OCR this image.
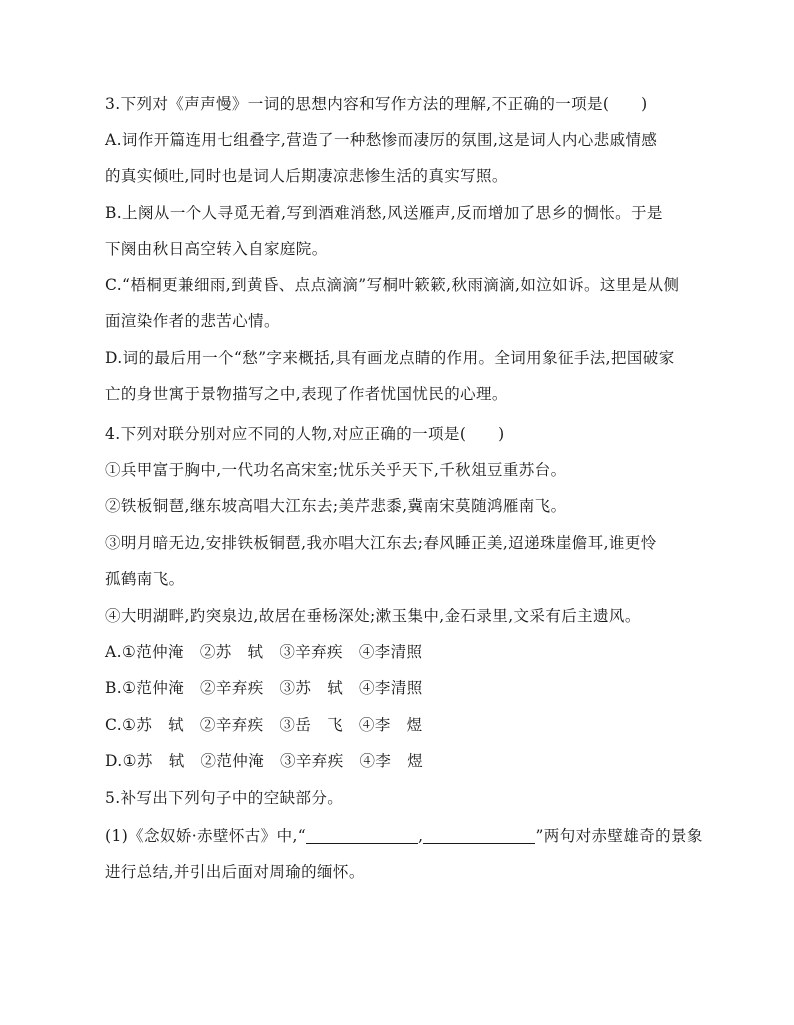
3.下列对《声声慢》一词的思想内容和写作方法的理解,不正确的一项是(　　)
A.词作开篇连用七组叠字,营造了一种愁惨而凄厉的氛围,这是词人内心悲戚情感
的真实倾吐,同时也是词人后期凄凉悲惨生活的真实写照。
B.上阕从一个人寻觅无着,写到酒难消愁,风送雁声,反而增加了思乡的惆怅。于是
下阕由秋日高空转入自家庭院。
C.“梧桐更兼细雨,到黄昏、点点滴滴”写桐叶簌簌,秋雨滴滴,如泣如诉。这里是从侧
面渲染作者的悲苦心情。
D.词的最后用一个“愁”字来概括,具有画龙点睛的作用。全词用象征手法,把国破家
亡的身世寓于景物描写之中,表现了作者忧国忧民的心理。
4.下列对联分别对应不同的人物,对应正确的一项是(　　)
①兵甲富于胸中,一代功名高宋室;忧乐关乎天下,千秋俎豆重苏台。
②铁板铜琶,继东坡高唱大江东去;美芹悲黍,冀南宋莫随鸿雁南飞。
③明月暗无边,安排铁板铜琶,我亦唱大江东去;春风睡正美,迢递珠崖儋耳,谁更怜
孤鹤南飞。
④大明湖畔,趵突泉边,故居在垂杨深处;漱玉集中,金石录里,文采有后主遗风。
A.①范仲淹　②苏　轼　③辛弃疾　④李清照
B.①范仲淹　②辛弃疾　③苏　轼　④李清照
C.①苏　轼　②辛弃疾　③岳　飞　④李　煜
D.①苏　轼　②范仲淹　③辛弃疾　④李　煜
5.补写出下列句子中的空缺部分。
(1)《念奴娇·赤壁怀古》中,“	,	”两句对赤壁雄奇的景象
进行总结,并引出后面对周瑜的缅怀。
